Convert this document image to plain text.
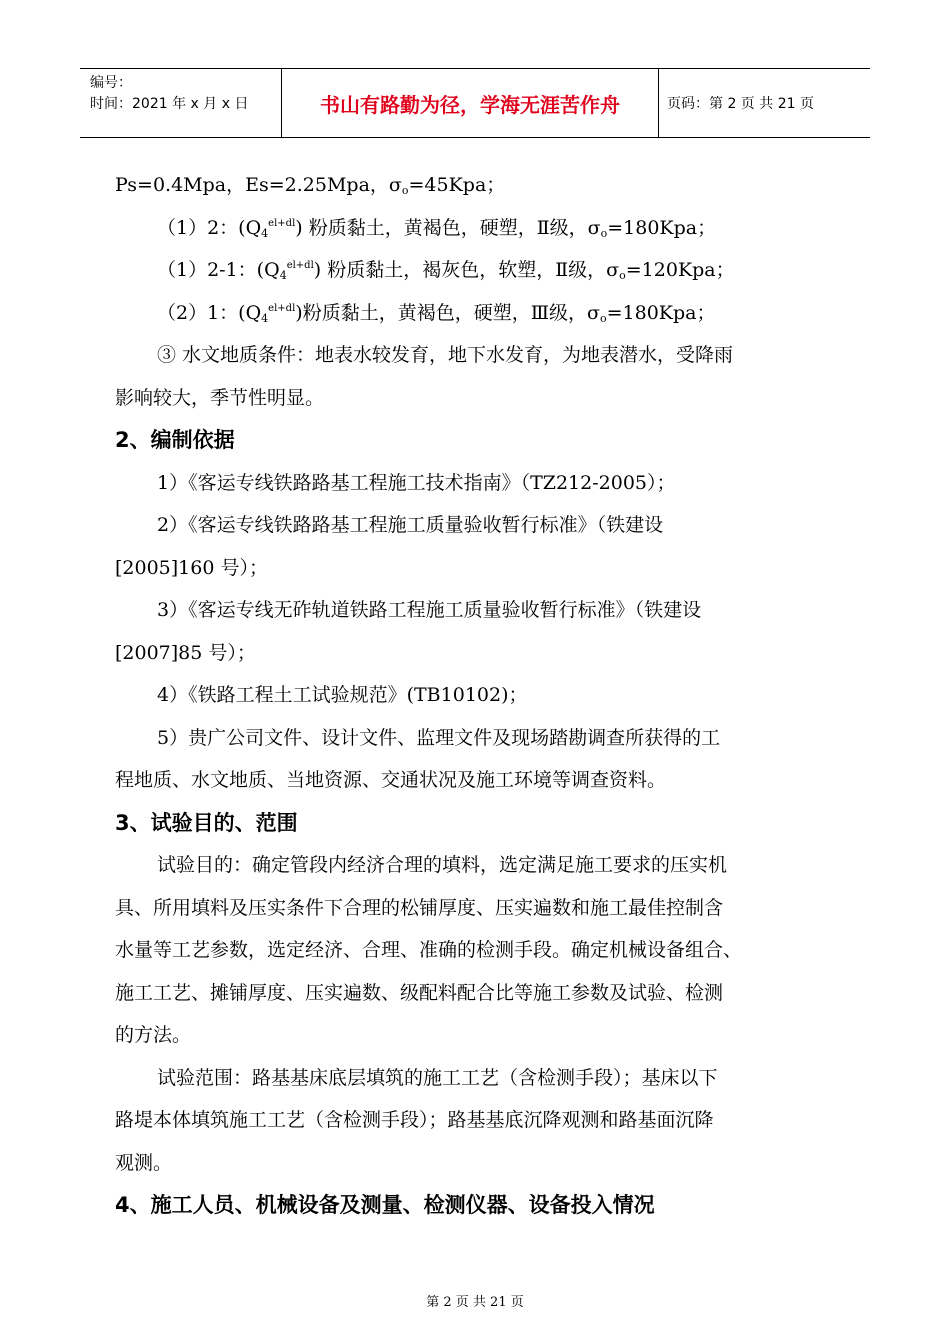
编号：
时间：2021 年 x 月 x 日	书山有路勤为径，学海无涯苦作舟	页码：第 2 页 共 21 页
Ps=0.4Mpa，Es=2.25Mpa，$\sigma_o=45Kpa$；
（1）2：$(Q_4^{el+dl})$ 粉质黏土，黄褐色，硬塑，Ⅱ级，$\sigma_o=180Kpa$；
（1）2-1：$(Q_4^{el+dl})$ 粉质黏土，褐灰色，软塑，Ⅱ级，$\sigma_o=120Kpa$；
（2）1：$(Q_4^{el+dl})$粉质黏土，黄褐色，硬塑，Ⅲ级，$\sigma_o=180Kpa$；
③ 水文地质条件：地表水较发育，地下水发育，为地表潜水，受降雨
影响较大，季节性明显。
2、编制依据
1）《客运专线铁路路基工程施工技术指南》（TZ212-2005）；
2）《客运专线铁路路基工程施工质量验收暂行标准》（铁建设
[2005]160 号）；
3）《客运专线无砟轨道铁路工程施工质量验收暂行标准》（铁建设
[2007]85 号）；
4）《铁路工程土工试验规范》(TB10102)；
5）贵广公司文件、设计文件、监理文件及现场踏勘调查所获得的工
程地质、水文地质、当地资源、交通状况及施工环境等调查资料。
3、试验目的、范围
试验目的：确定管段内经济合理的填料，选定满足施工要求的压实机
具、所用填料及压实条件下合理的松铺厚度、压实遍数和施工最佳控制含
水量等工艺参数，选定经济、合理、准确的检测手段。确定机械设备组合、
施工工艺、摊铺厚度、压实遍数、级配料配合比等施工参数及试验、检测
的方法。
试验范围：路基基床底层填筑的施工工艺（含检测手段）；基床以下
路堤本体填筑施工工艺（含检测手段）；路基基底沉降观测和路基面沉降
观测。
4、施工人员、机械设备及测量、检测仪器、设备投入情况
第 2 页 共 21 页
